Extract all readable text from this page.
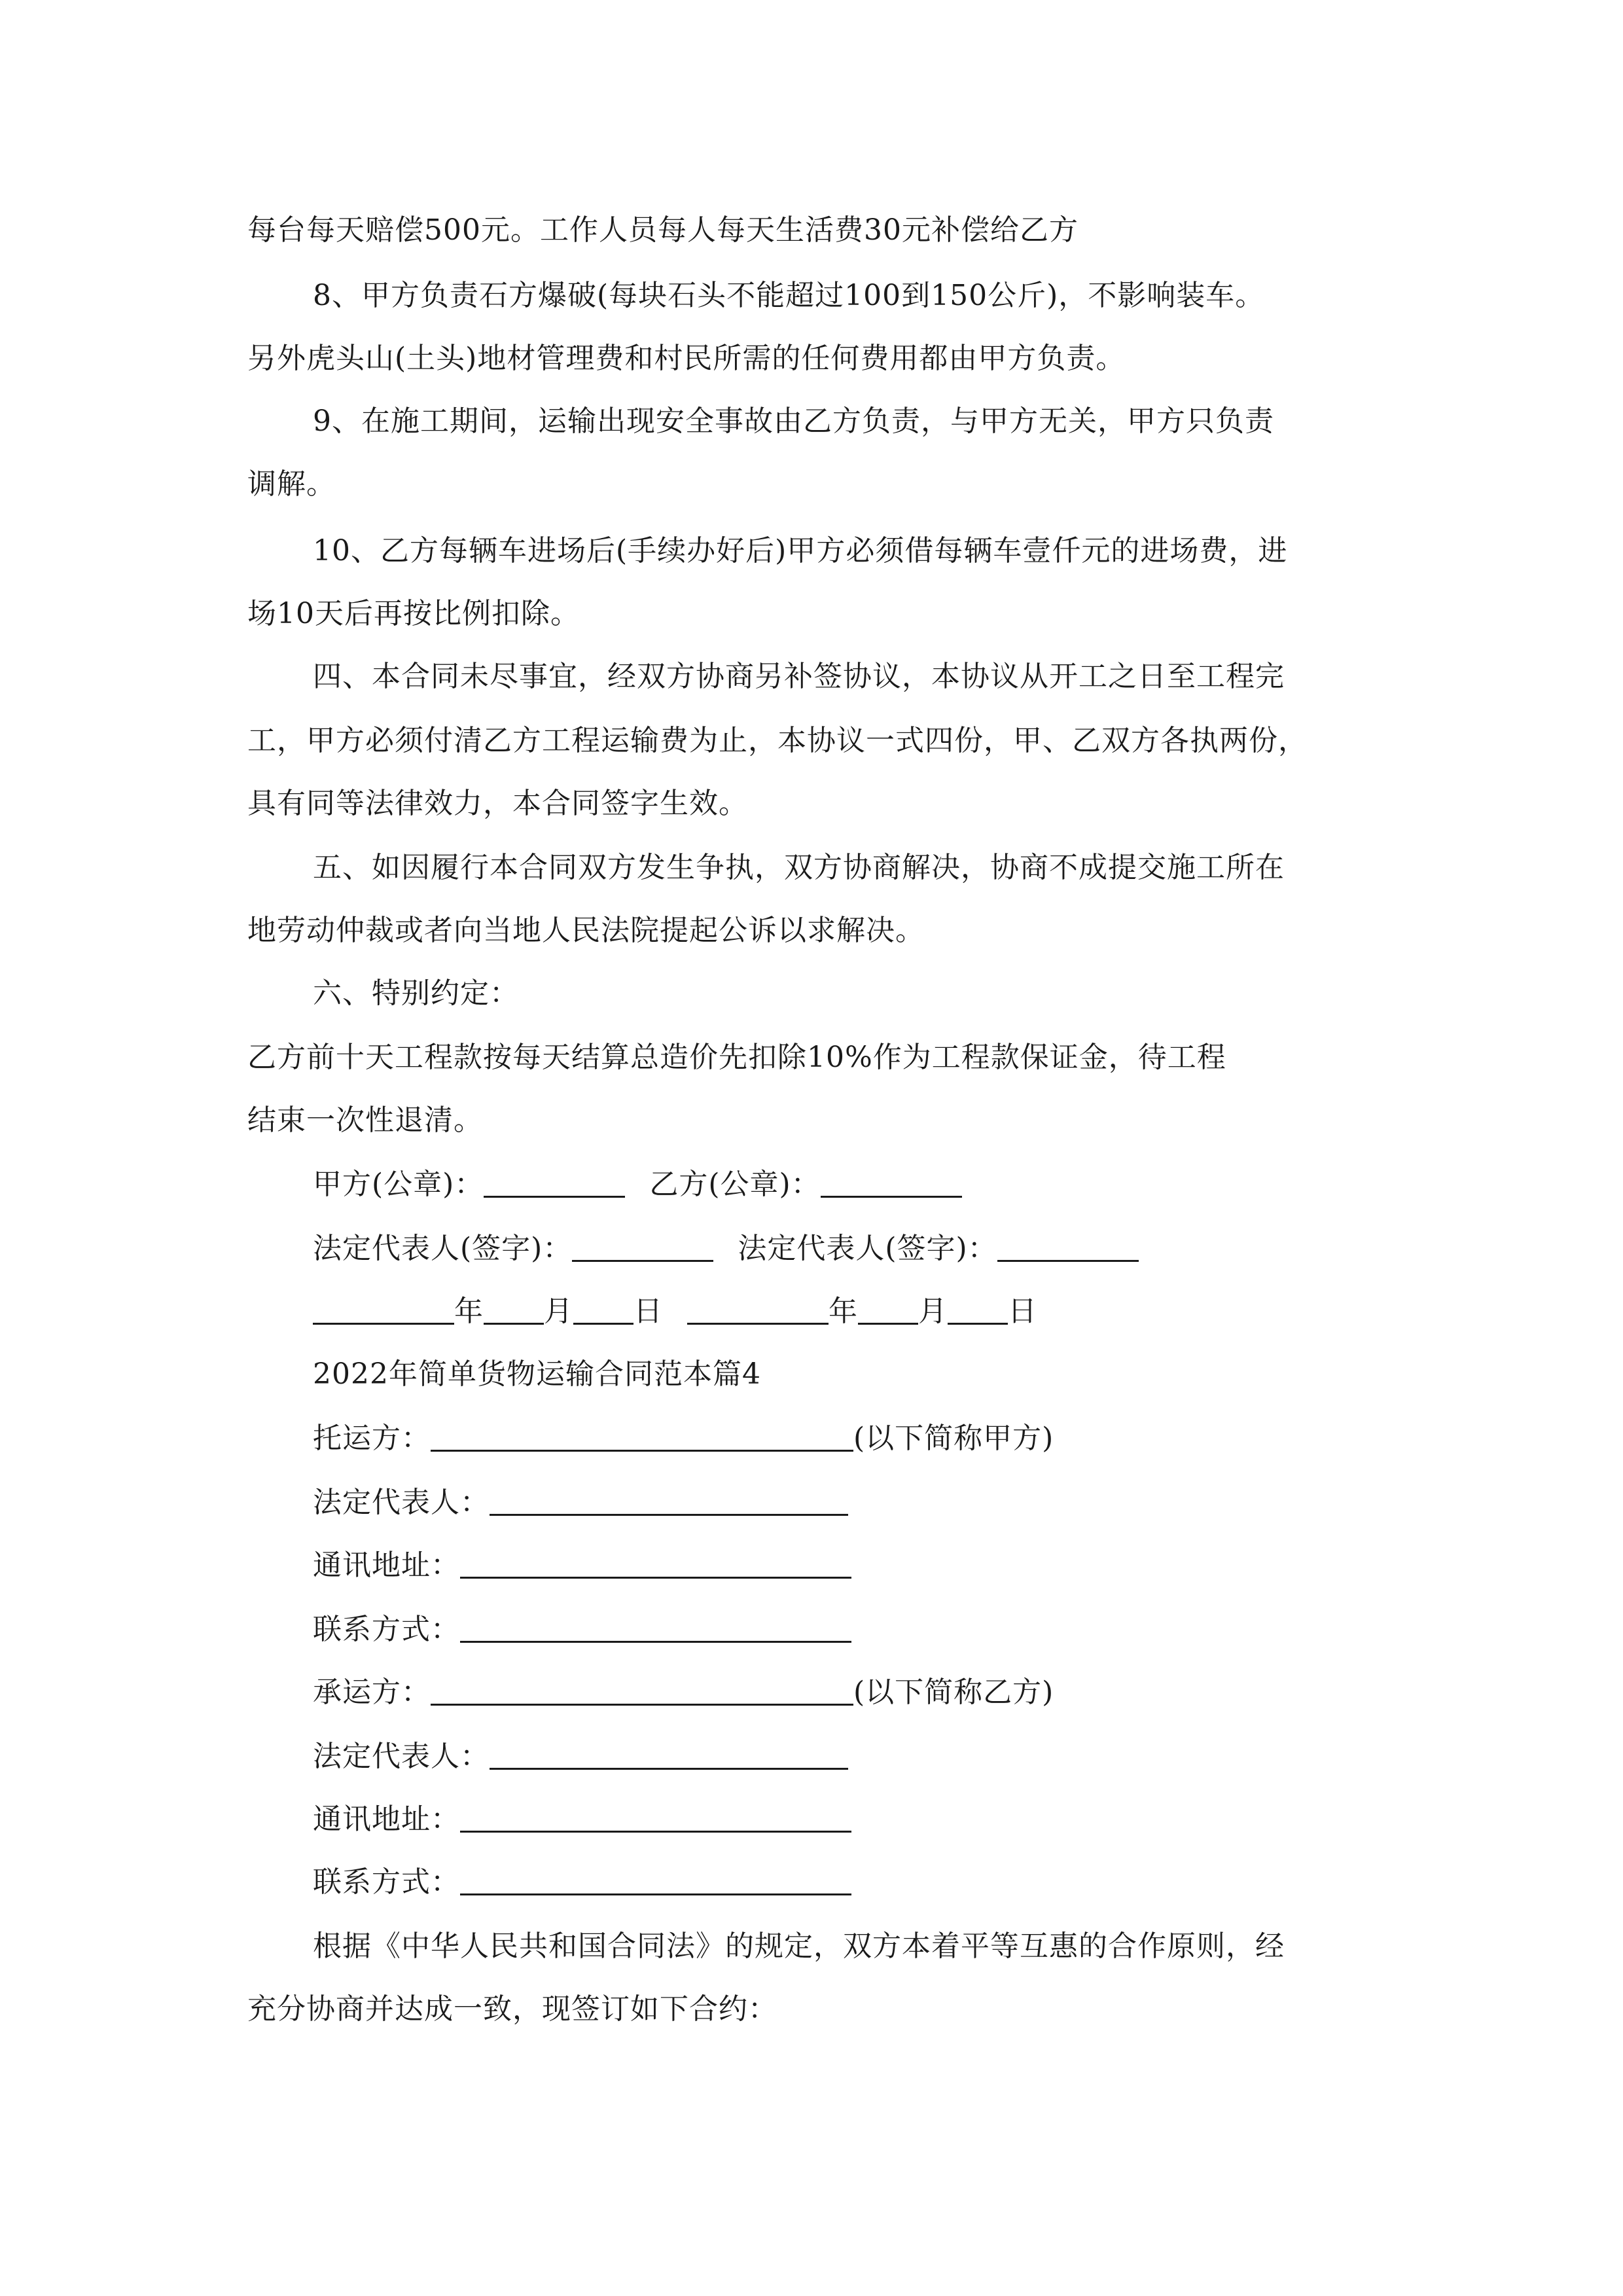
每台每天赔偿500元。工作人员每人每天生活费30元补偿给乙方
8、甲方负责石方爆破(每块石头不能超过100到150公斤)，不影响装车。
另外虎头山(土头)地材管理费和村民所需的任何费用都由甲方负责。
9、在施工期间，运输出现安全事故由乙方负责，与甲方无关，甲方只负责
调解。
10、乙方每辆车进场后(手续办好后)甲方必须借每辆车壹仟元的进场费，进
场10天后再按比例扣除。
四、本合同未尽事宜，经双方协商另补签协议，本协议从开工之日至工程完
工，甲方必须付清乙方工程运输费为止，本协议一式四份，甲、乙双方各执两份，
具有同等法律效力，本合同签字生效。
五、如因履行本合同双方发生争执，双方协商解决，协商不成提交施工所在
地劳动仲裁或者向当地人民法院提起公诉以求解决。
六、特别约定：
乙方前十天工程款按每天结算总造价先扣除10%作为工程款保证金，待工程
结束一次性退清。
甲方(公章)：	乙方(公章)：
法定代表人(签字)：	法定代表人(签字)：
年 月 日	年 月 日
2022年简单货物运输合同范本篇4
托运方：	(以下简称甲方)
法定代表人：
通讯地址：
联系方式：
承运方：	(以下简称乙方)
法定代表人：
通讯地址：
联系方式：
根据《中华人民共和国合同法》的规定，双方本着平等互惠的合作原则，经
充分协商并达成一致，现签订如下合约：
